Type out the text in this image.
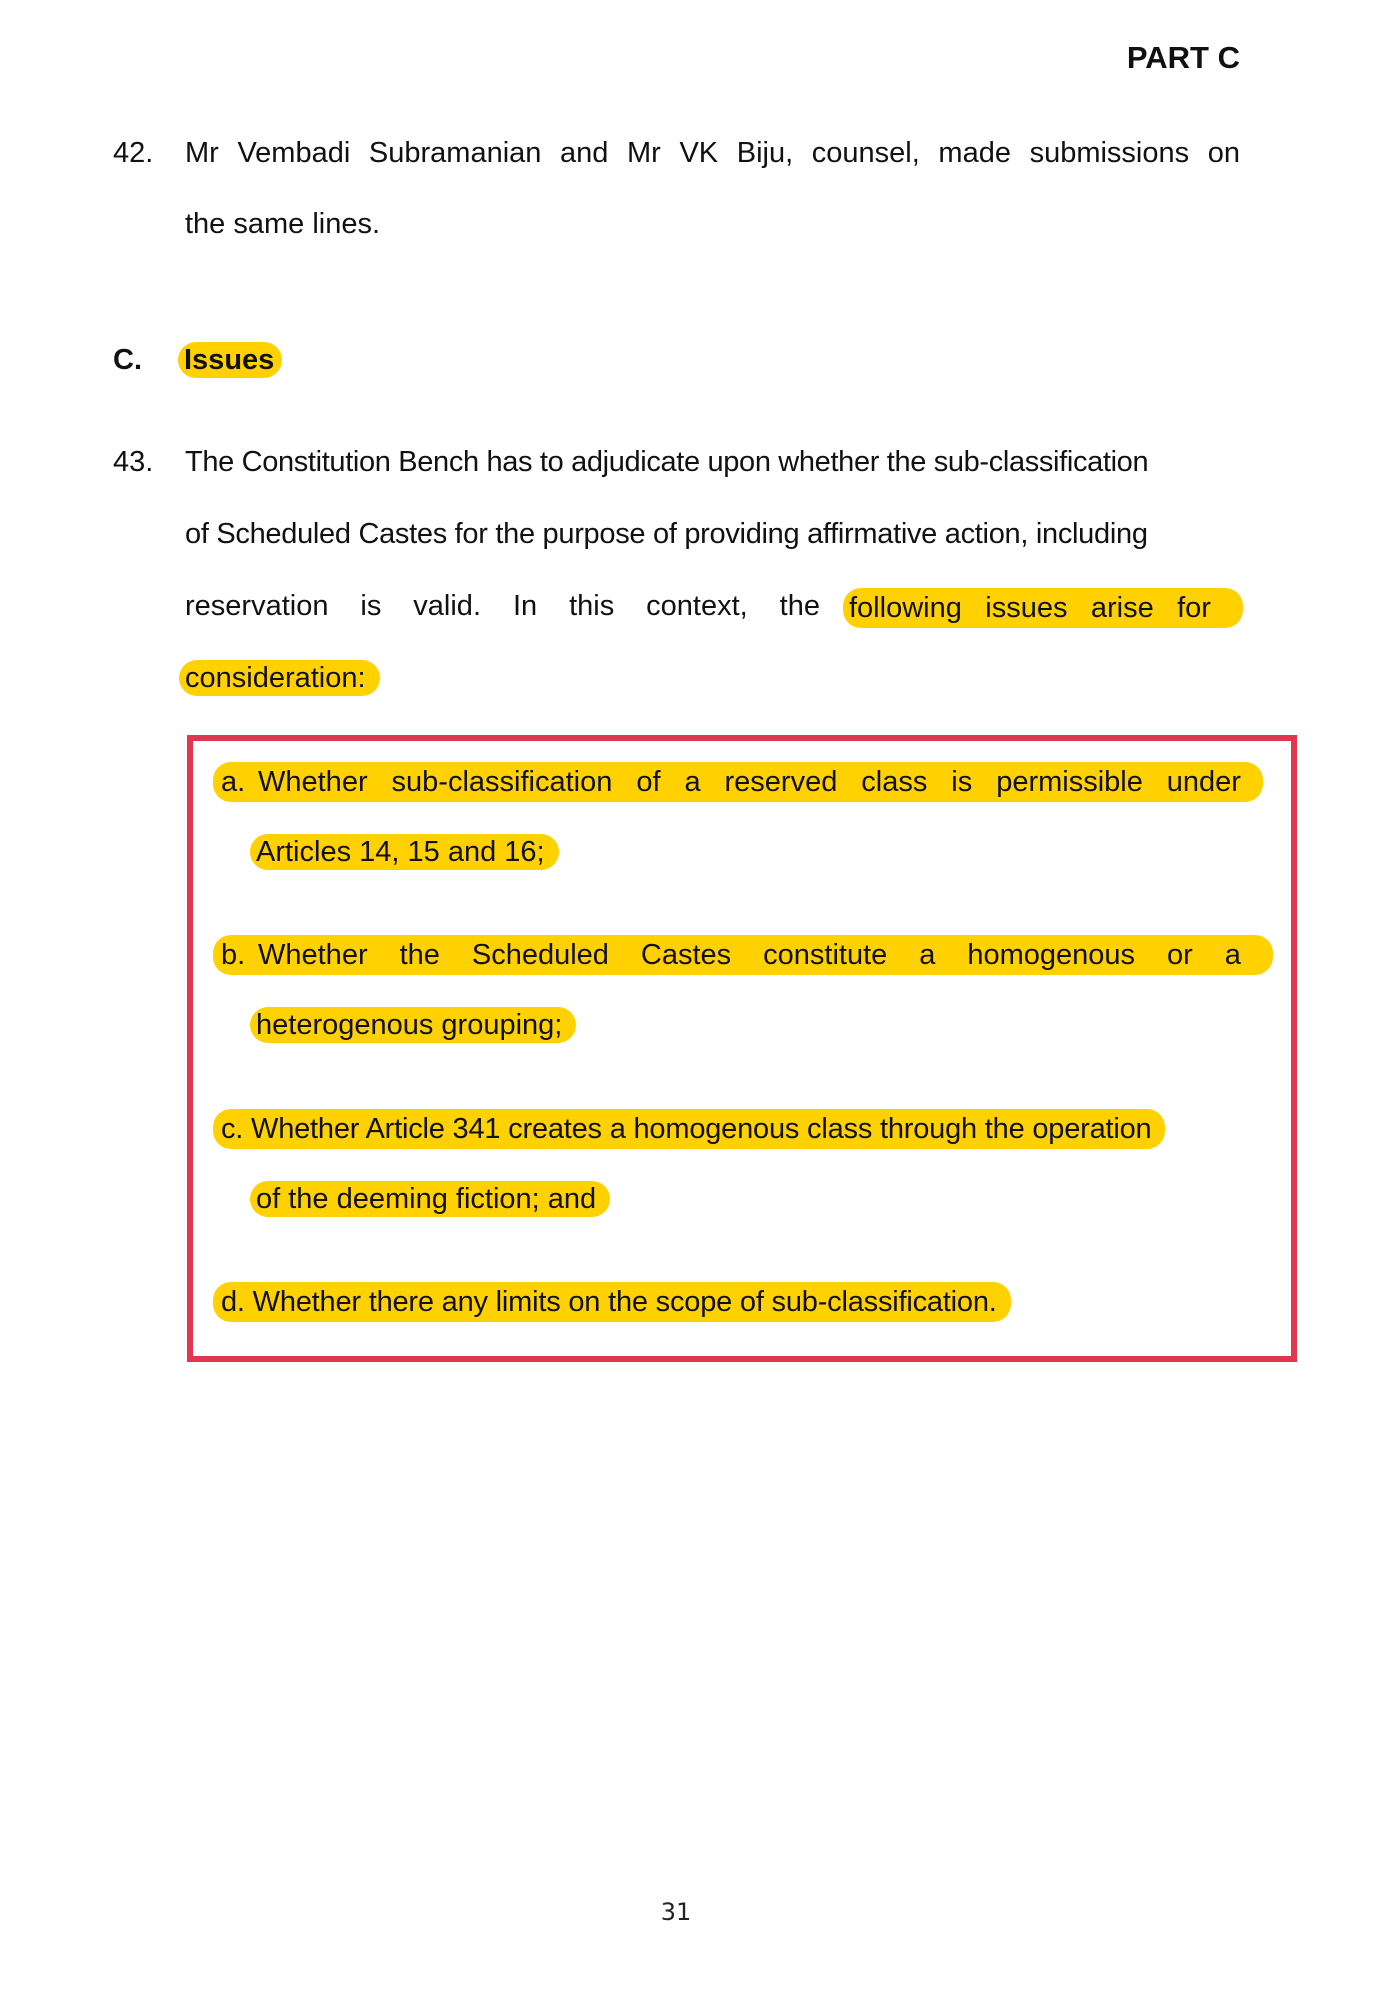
PART C
42. Mr Vembadi Subramanian and Mr VK Biju, counsel, made submissions on
the same lines.
C. Issues
43. The Constitution Bench has to adjudicate upon whether the sub-classification
of Scheduled Castes for the purpose of providing affirmative action, including
reservation is valid. In this context, the following issues arise for
consideration:
a. Whether sub-classification of a reserved class is permissible under
Articles 14, 15 and 16;
b. Whether the Scheduled Castes constitute a homogenous or a
heterogenous grouping;
c. Whether Article 341 creates a homogenous class through the operation
of the deeming fiction; and
d. Whether there any limits on the scope of sub-classification.
31
